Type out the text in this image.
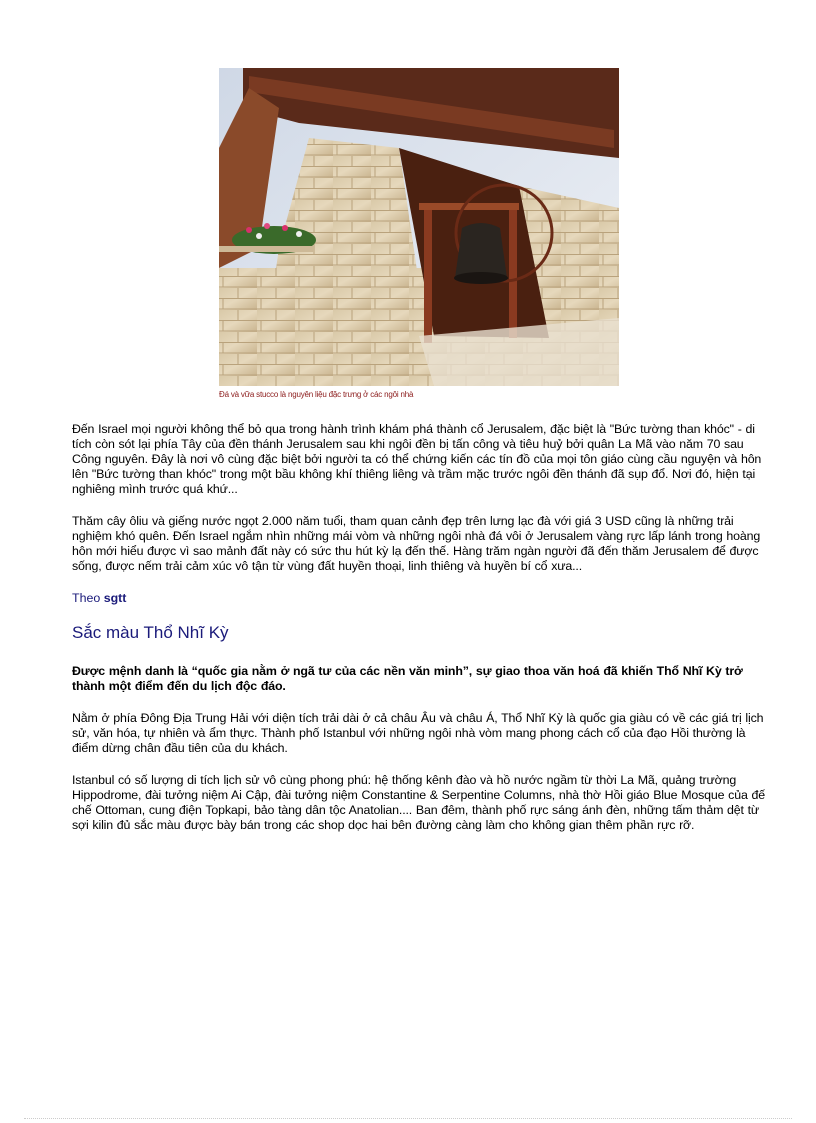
Đá và vữa stucco là nguyên liệu đặc trưng ở các ngôi nhà

Đến Israel mọi người không thể bỏ qua trong hành trình khám phá thành cổ Jerusalem, đặc biệt là "Bức tường than khóc" - di tích còn sót lại phía Tây của đền thánh Jerusalem sau khi ngôi đền bị tấn công và tiêu huỷ bởi quân La Mã vào năm 70 sau Công nguyên. Đây là nơi vô cùng đặc biệt bởi người ta có thể chứng kiến các tín đồ của mọi tôn giáo cùng cầu nguyện và hôn lên "Bức tường than khóc" trong một bầu không khí thiêng liêng và trầm mặc trước ngôi đền thánh đã sụp đổ. Nơi đó, hiện tại nghiêng mình trước quá khứ...

Thăm cây ôliu và giếng nước ngọt 2.000 năm tuổi, tham quan cảnh đẹp trên lưng lạc đà với giá 3 USD cũng là những trải nghiệm khó quên. Đến Israel ngắm nhìn những mái vòm và những ngôi nhà đá vôi ở Jerusalem vàng rực lấp lánh trong hoàng hôn mới hiểu được vì sao mảnh đất này có sức thu hút kỳ lạ đến thế. Hàng trăm ngàn người đã đến thăm Jerusalem để được sống, được nếm trải cảm xúc vô tận từ vùng đất huyền thoại, linh thiêng và huyền bí cổ xưa...

Theo sgtt

Sắc màu Thổ Nhĩ Kỳ

Được mệnh danh là “quốc gia nằm ở ngã tư của các nền văn minh”, sự giao thoa văn hoá đã khiến Thổ Nhĩ Kỳ trở thành một điểm đến du lịch độc đáo.

Nằm ở phía Đông Địa Trung Hải với diện tích trải dài ở cả châu Âu và châu Á, Thổ Nhĩ Kỳ là quốc gia giàu có về các giá trị lịch sử, văn hóa, tự nhiên và ẩm thực. Thành phố Istanbul với những ngôi nhà vòm mang phong cách cổ của đạo Hồi thường là điểm dừng chân đầu tiên của du khách.

Istanbul có số lượng di tích lịch sử vô cùng phong phú: hệ thống kênh đào và hồ nước ngầm từ thời La Mã, quảng trường Hippodrome, đài tưởng niệm Ai Cập, đài tưởng niệm Constantine & Serpentine Columns, nhà thờ Hồi giáo Blue Mosque của đế chế Ottoman, cung điện Topkapi, bảo tàng dân tộc Anatolian.... Ban đêm, thành phố rực sáng ánh đèn, những tấm thảm dệt từ sợi kilin đủ sắc màu được bày bán trong các shop dọc hai bên đường càng làm cho không gian thêm phần rực rỡ.
